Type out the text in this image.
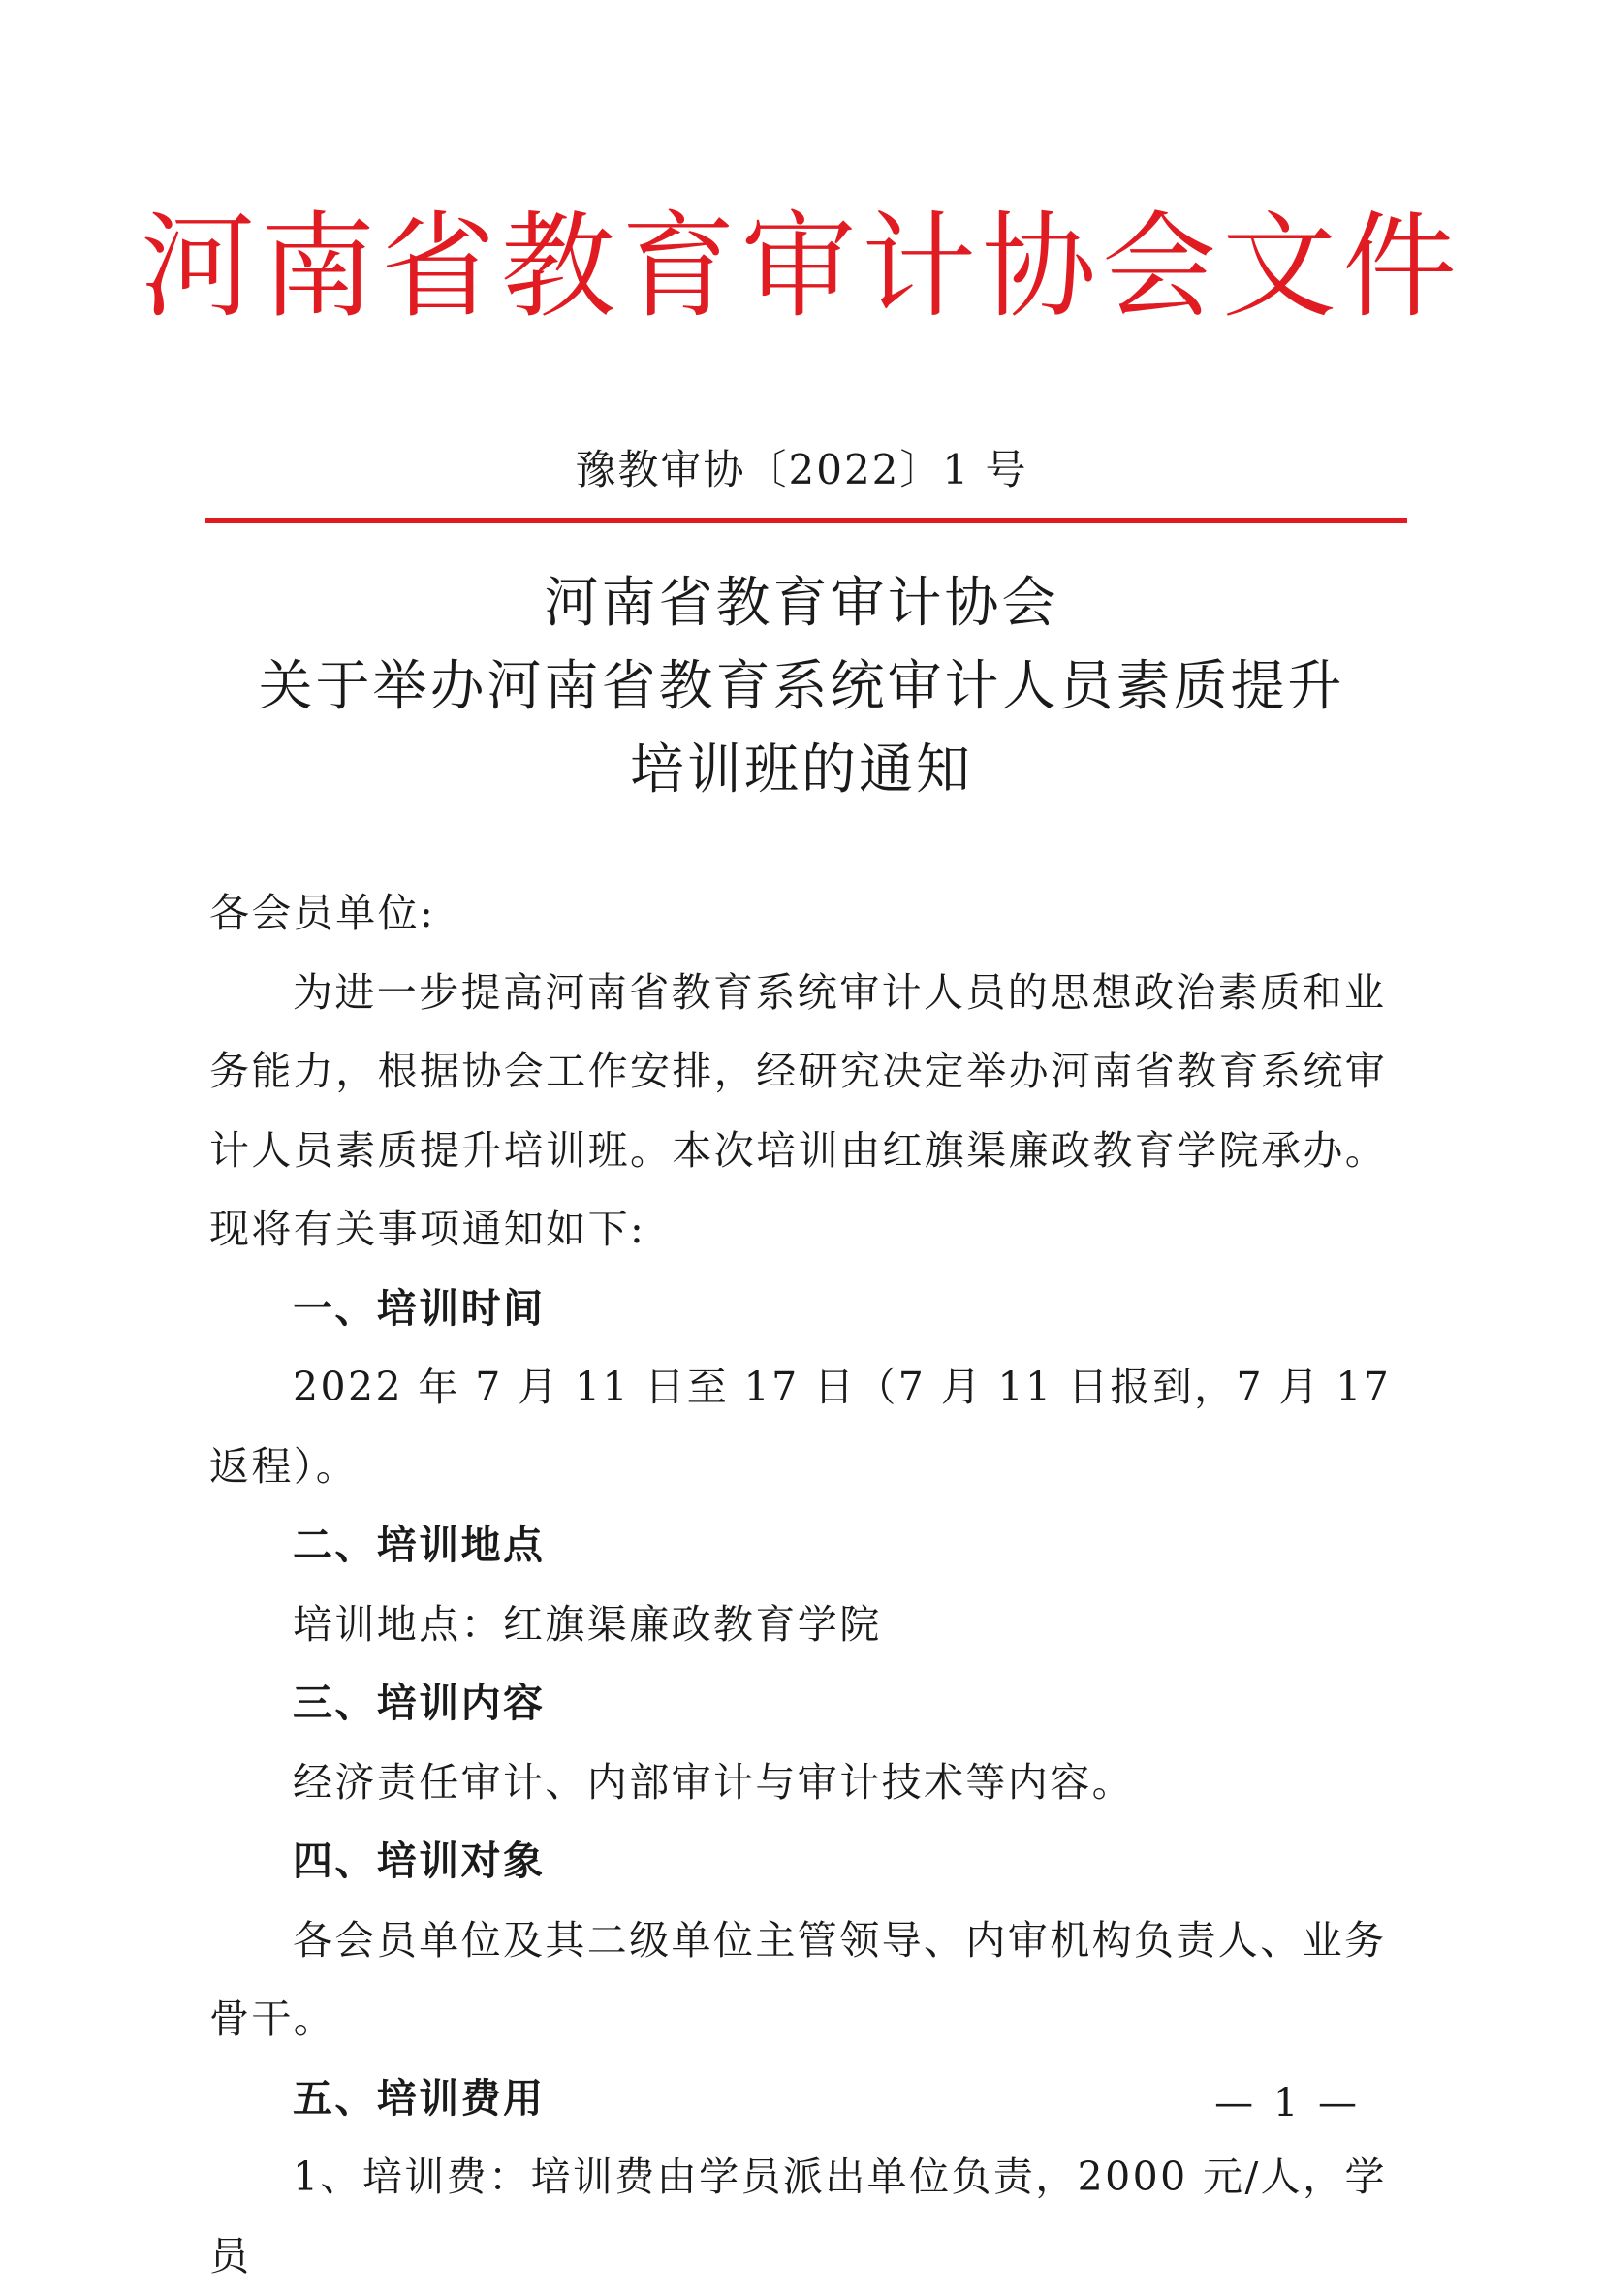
河南省教育审计协会文件
豫教审协〔2022〕1 号
河南省教育审计协会
关于举办河南省教育系统审计人员素质提升
培训班的通知

各会员单位:

为进一步提高河南省教育系统审计人员的思想政治素质和业务能力，根据协会工作安排，经研究决定举办河南省教育系统审计人员素质提升培训班。本次培训由红旗渠廉政教育学院承办。现将有关事项通知如下:

一、培训时间

2022 年 7 月 11 日至 17 日（7 月 11 日报到，7 月 17 返程）。

二、培训地点

培训地点：红旗渠廉政教育学院

三、培训内容

经济责任审计、内部审计与审计技术等内容。

四、培训对象

各会员单位及其二级单位主管领导、内审机构负责人、业务骨干。

五、培训费用

1、培训费：培训费由学员派出单位负责，2000 元/人，学员

— 1 —
